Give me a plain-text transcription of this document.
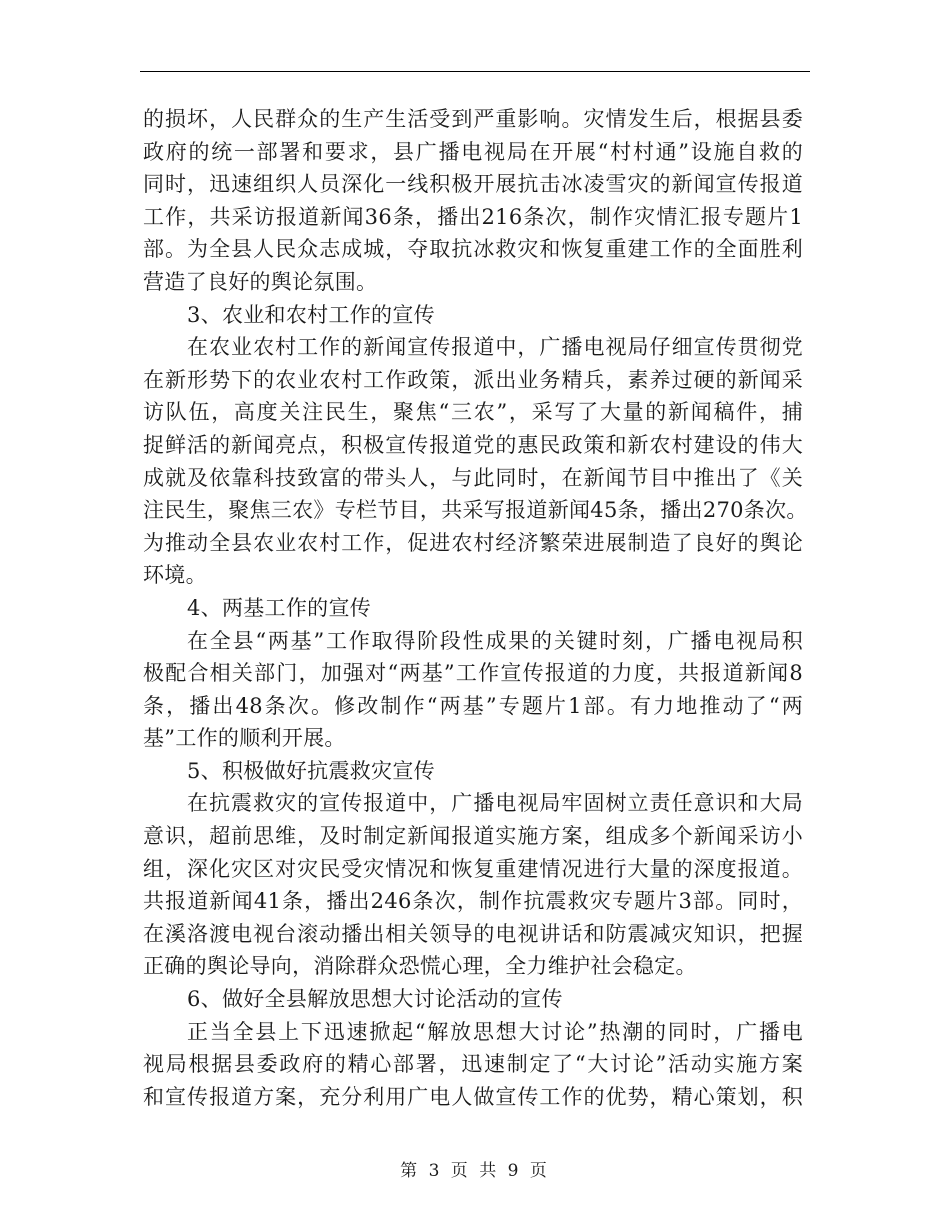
的损坏，人民群众的生产生活受到严重影响。灾情发生后，根据县委
政府的统一部署和要求，县广播电视局在开展“村村通”设施自救的
同时，迅速组织人员深化一线积极开展抗击冰凌雪灾的新闻宣传报道
工作，共采访报道新闻36条，播出216条次，制作灾情汇报专题片1
部。为全县人民众志成城，夺取抗冰救灾和恢复重建工作的全面胜利
营造了良好的舆论氛围。
3、农业和农村工作的宣传
在农业农村工作的新闻宣传报道中，广播电视局仔细宣传贯彻党
在新形势下的农业农村工作政策，派出业务精兵，素养过硬的新闻采
访队伍，高度关注民生，聚焦“三农”，采写了大量的新闻稿件，捕
捉鲜活的新闻亮点，积极宣传报道党的惠民政策和新农村建设的伟大
成就及依靠科技致富的带头人，与此同时，在新闻节目中推出了《关
注民生，聚焦三农》专栏节目，共采写报道新闻45条，播出270条次。
为推动全县农业农村工作，促进农村经济繁荣进展制造了良好的舆论
环境。
4、两基工作的宣传
在全县“两基”工作取得阶段性成果的关键时刻，广播电视局积
极配合相关部门，加强对“两基”工作宣传报道的力度，共报道新闻8
条，播出48条次。修改制作“两基”专题片1部。有力地推动了“两
基”工作的顺利开展。
5、积极做好抗震救灾宣传
在抗震救灾的宣传报道中，广播电视局牢固树立责任意识和大局
意识，超前思维，及时制定新闻报道实施方案，组成多个新闻采访小
组，深化灾区对灾民受灾情况和恢复重建情况进行大量的深度报道。
共报道新闻41条，播出246条次，制作抗震救灾专题片3部。同时，
在溪洛渡电视台滚动播出相关领导的电视讲话和防震减灾知识，把握
正确的舆论导向，消除群众恐慌心理，全力维护社会稳定。
6、做好全县解放思想大讨论活动的宣传
正当全县上下迅速掀起“解放思想大讨论”热潮的同时，广播电
视局根据县委政府的精心部署，迅速制定了“大讨论”活动实施方案
和宣传报道方案，充分利用广电人做宣传工作的优势，精心策划，积
第 3 页 共 9 页
